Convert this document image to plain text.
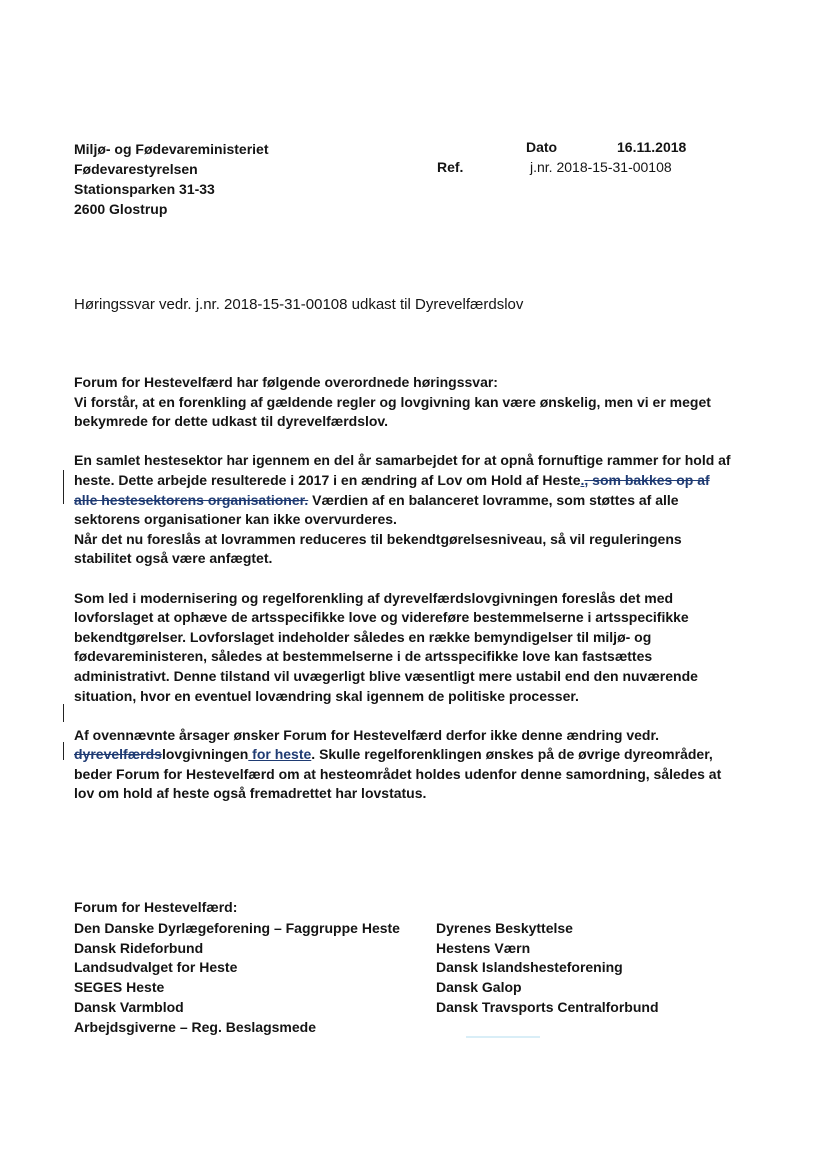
Miljø- og Fødevareministeriet
Fødevarestyrelsen
Stationsparken 31-33
2600 Glostrup
Dato	16.11.2018
Ref.	j.nr. 2018-15-31-00108
Høringssvar vedr. j.nr. 2018-15-31-00108 udkast til Dyrevelfærdslov
Forum for Hestevelfærd har følgende overordnede høringssvar:
Vi forstår, at en forenkling af gældende regler og lovgivning kan være ønskelig, men vi er meget
bekymrede for dette udkast til dyrevelfærdslov.
En samlet hestesektor har igennem en del år samarbejdet for at opnå fornuftige rammer for hold af
heste. Dette arbejde resulterede i 2017 i en ændring af Lov om Hold af Heste., som bakkes op af
alle hestesektorens organisationer. Værdien af en balanceret lovramme, som støttes af alle
sektorens organisationer kan ikke overvurderes.
Når det nu foreslås at lovrammen reduceres til bekendtgørelsesniveau, så vil reguleringens
stabilitet også være anfægtet.
Som led i modernisering og regelforenkling af dyrevelfærdslovgivningen foreslås det med
lovforslaget at ophæve de artsspecifikke love og videreføre bestemmelserne i artsspecifikke
bekendtgørelser. Lovforslaget indeholder således en række bemyndigelser til miljø- og
fødevareministeren, således at bestemmelserne i de artsspecifikke love kan fastsættes
administrativt. Denne tilstand vil uvægerligt blive væsentligt mere ustabil end den nuværende
situation, hvor en eventuel lovændring skal igennem de politiske processer.
Af ovennævnte årsager ønsker Forum for Hestevelfærd derfor ikke denne ændring vedr.
dyrevelfærdslovgivningen for heste. Skulle regelforenklingen ønskes på de øvrige dyreområder,
beder Forum for Hestevelfærd om at hesteområdet holdes udenfor denne samordning, således at
lov om hold af heste også fremadrettet har lovstatus.
Forum for Hestevelfærd:
Den Danske Dyrlægeforening – Faggruppe Heste
Dansk Rideforbund
Landsudvalget for Heste
SEGES Heste
Dansk Varmblod
Arbejdsgiverne – Reg. Beslagsmede
Dyrenes Beskyttelse
Hestens Værn
Dansk Islandshesteforening
Dansk Galop
Dansk Travsports Centralforbund
